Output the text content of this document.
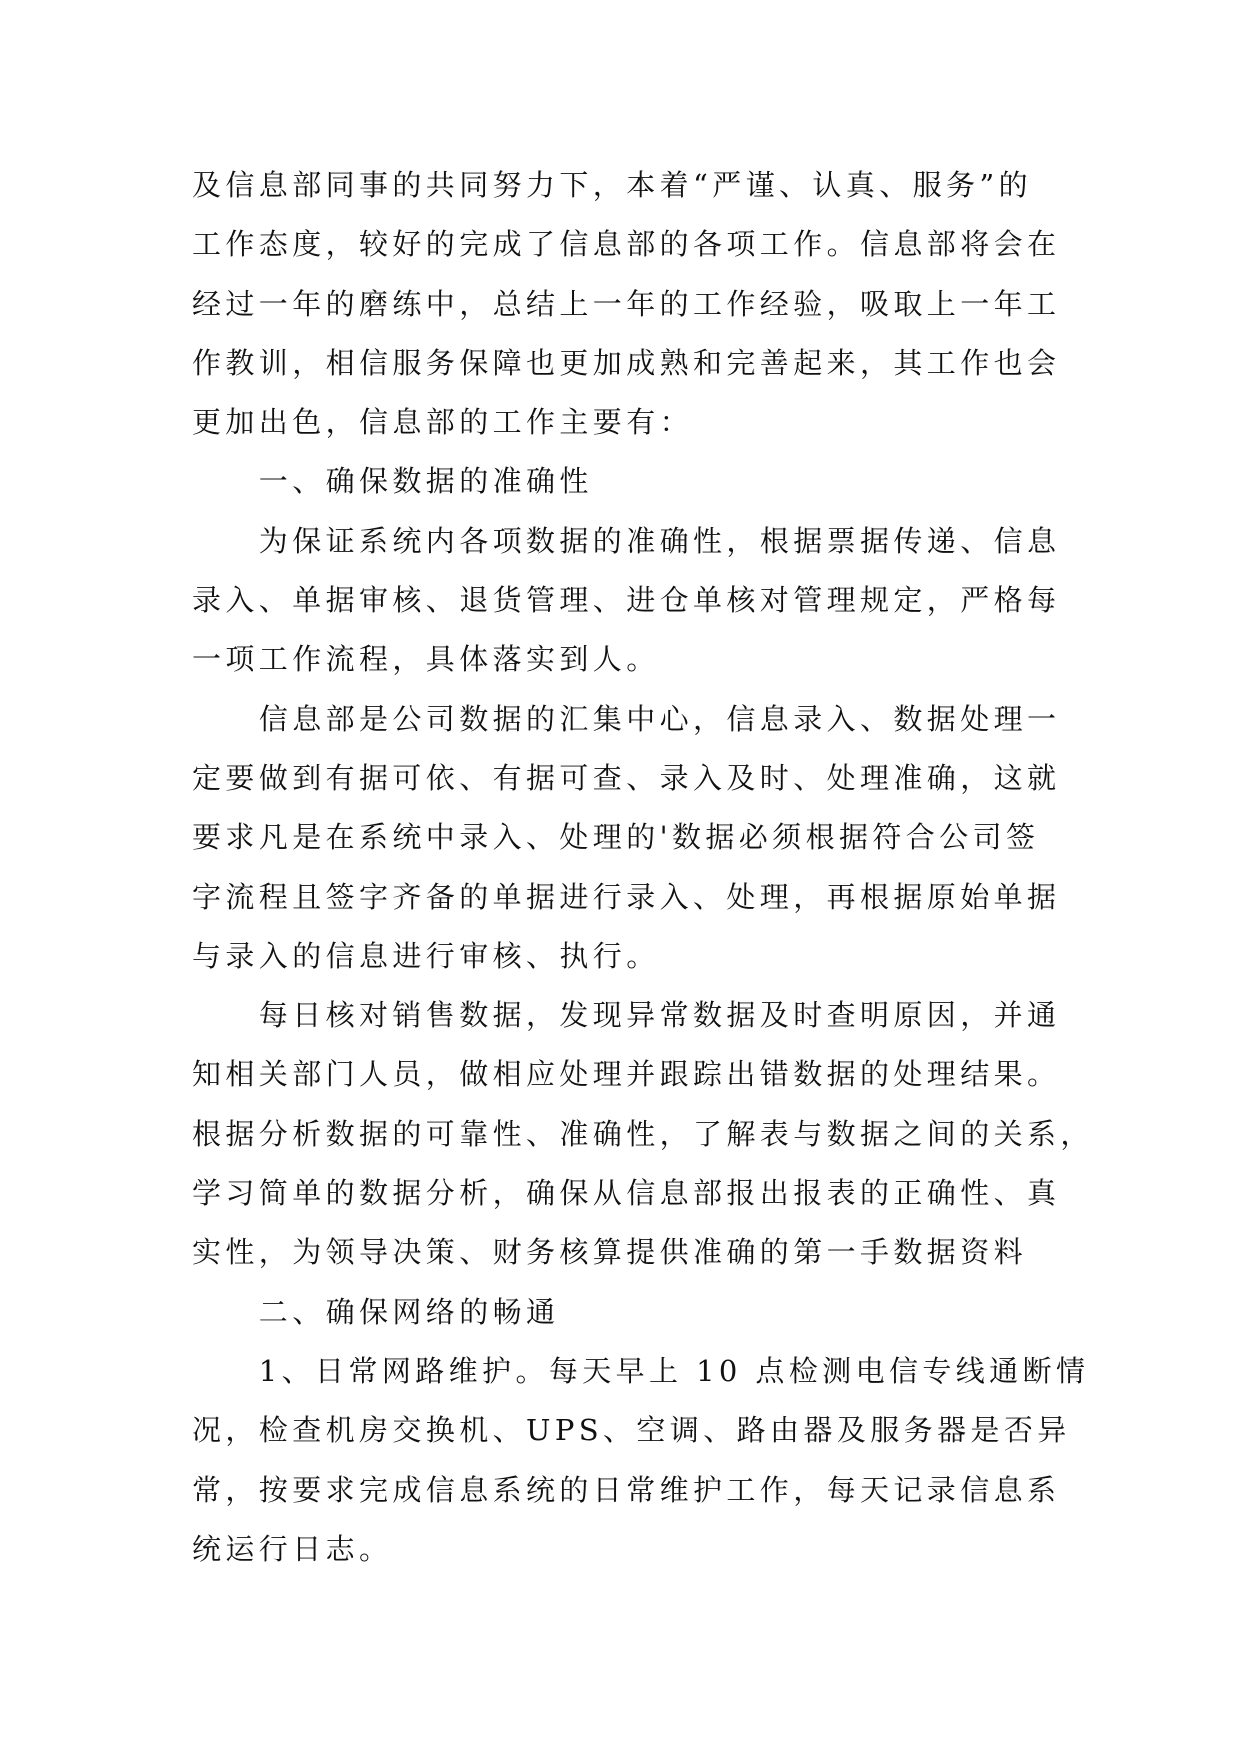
及信息部同事的共同努力下，本着“严谨、认真、服务”的
工作态度，较好的完成了信息部的各项工作。信息部将会在
经过一年的磨练中，总结上一年的工作经验，吸取上一年工
作教训，相信服务保障也更加成熟和完善起来，其工作也会
更加出色，信息部的工作主要有：
一、确保数据的准确性
为保证系统内各项数据的准确性，根据票据传递、信息
录入、单据审核、退货管理、进仓单核对管理规定，严格每
一项工作流程，具体落实到人。
信息部是公司数据的汇集中心，信息录入、数据处理一
定要做到有据可依、有据可查、录入及时、处理准确，这就
要求凡是在系统中录入、处理的'数据必须根据符合公司签
字流程且签字齐备的单据进行录入、处理，再根据原始单据
与录入的信息进行审核、执行。
每日核对销售数据，发现异常数据及时查明原因，并通
知相关部门人员，做相应处理并跟踪出错数据的处理结果。
根据分析数据的可靠性、准确性，了解表与数据之间的关系，
学习简单的数据分析，确保从信息部报出报表的正确性、真
实性，为领导决策、财务核算提供准确的第一手数据资料
二、确保网络的畅通
1、日常网路维护。每天早上 10 点检测电信专线通断情
况，检查机房交换机、UPS、空调、路由器及服务器是否异
常，按要求完成信息系统的日常维护工作，每天记录信息系
统运行日志。
